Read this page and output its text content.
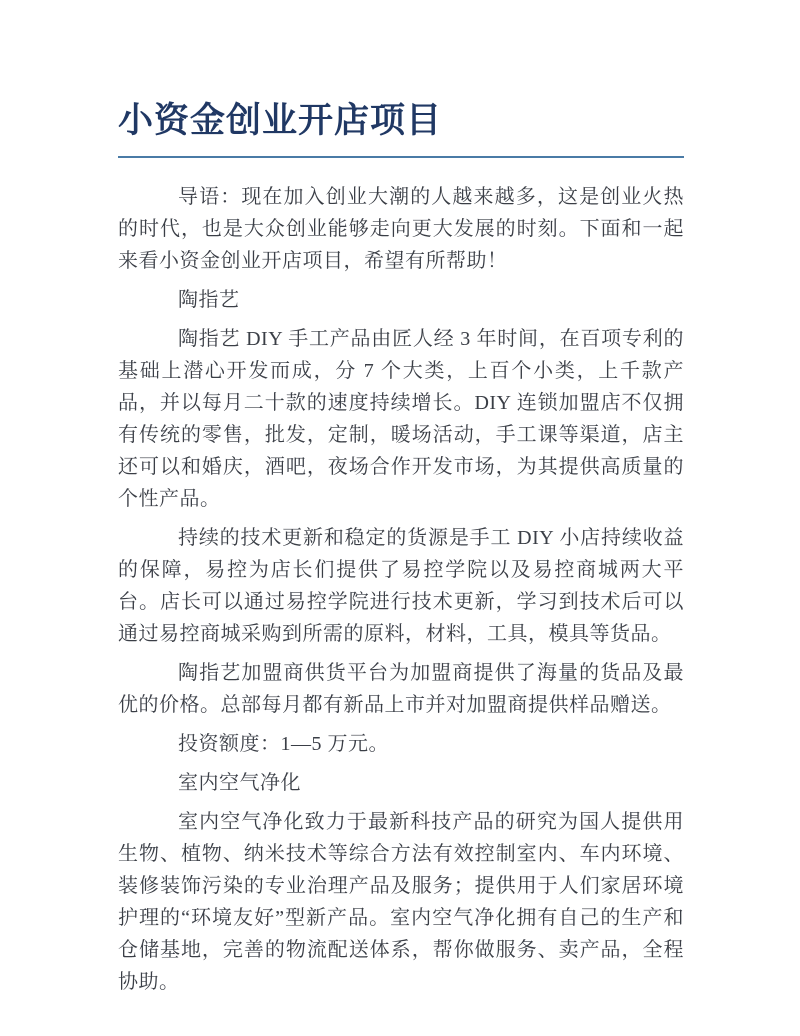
小资金创业开店项目

导语：现在加入创业大潮的人越来越多，这是创业火热的时代，也是大众创业能够走向更大发展的时刻。下面和一起来看小资金创业开店项目，希望有所帮助！

陶指艺

陶指艺 DIY 手工产品由匠人经 3 年时间，在百项专利的基础上潜心开发而成，分 7 个大类，上百个小类，上千款产品，并以每月二十款的速度持续增长。DIY 连锁加盟店不仅拥有传统的零售，批发，定制，暖场活动，手工课等渠道，店主还可以和婚庆，酒吧，夜场合作开发市场，为其提供高质量的个性产品。

持续的技术更新和稳定的货源是手工 DIY 小店持续收益的保障，易控为店长们提供了易控学院以及易控商城两大平台。店长可以通过易控学院进行技术更新，学习到技术后可以通过易控商城采购到所需的原料，材料，工具，模具等货品。

陶指艺加盟商供货平台为加盟商提供了海量的货品及最优的价格。总部每月都有新品上市并对加盟商提供样品赠送。

投资额度：1—5 万元。

室内空气净化

室内空气净化致力于最新科技产品的研究为国人提供用生物、植物、纳米技术等综合方法有效控制室内、车内环境、装修装饰污染的专业治理产品及服务；提供用于人们家居环境护理的“环境友好”型新产品。室内空气净化拥有自己的生产和仓储基地，完善的物流配送体系，帮你做服务、卖产品，全程协助。
